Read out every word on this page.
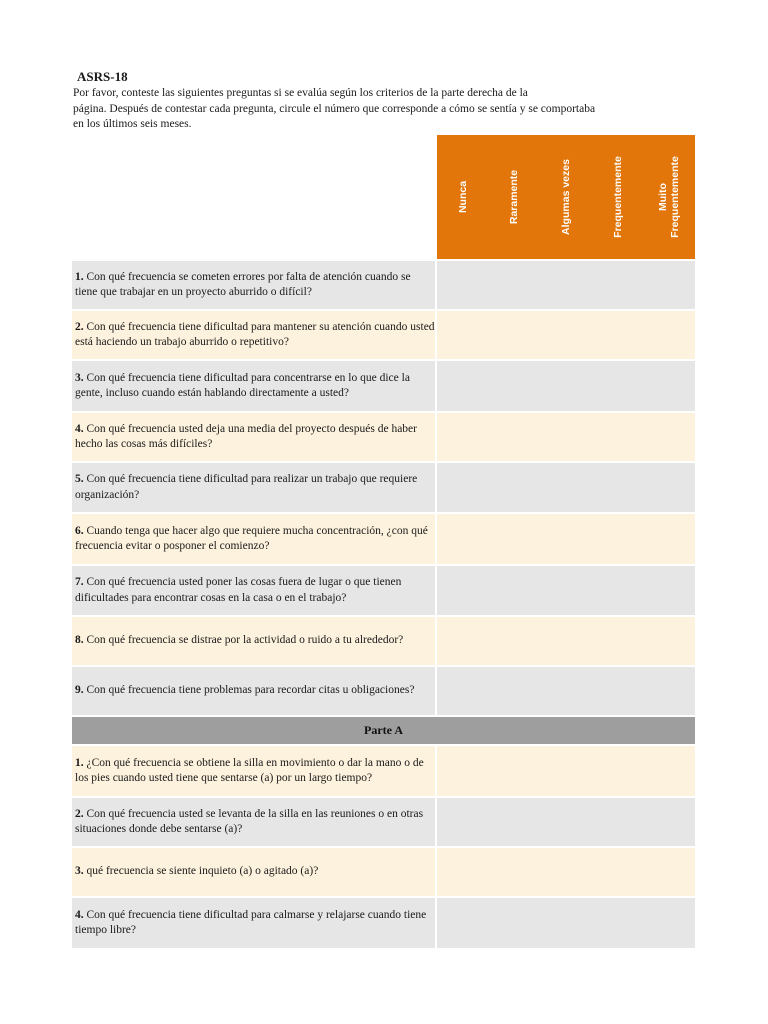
ASRS-18

Por favor, conteste las siguientes preguntas si se evalúa según los criterios de la parte derecha de la
página. Después de contestar cada pregunta, circule el número que corresponde a cómo se sentía y se comportaba
en los últimos seis meses.

Nunca	Raramente	Algumas vezes	Frequentemente	Muito
Frequentemente
1. Con qué frecuencia se cometen errores por falta de atención cuando se tiene que trabajar en un proyecto aburrido o difícil?
2. Con qué frecuencia tiene dificultad para mantener su atención cuando usted está haciendo un trabajo aburrido o repetitivo?
3. Con qué frecuencia tiene dificultad para concentrarse en lo que dice la gente, incluso cuando están hablando directamente a usted?
4. Con qué frecuencia usted deja una media del proyecto después de haber hecho las cosas más difíciles?
5. Con qué frecuencia tiene dificultad para realizar un trabajo que requiere organización?
6. Cuando tenga que hacer algo que requiere mucha concentración, ¿con qué frecuencia evitar o posponer el comienzo?
7. Con qué frecuencia usted poner las cosas fuera de lugar o que tienen dificultades para encontrar cosas en la casa o en el trabajo?
8. Con qué frecuencia se distrae por la actividad o ruido a tu alrededor?
9. Con qué frecuencia tiene problemas para recordar citas u obligaciones?
Parte A
1. ¿Con qué frecuencia se obtiene la silla en movimiento o dar la mano o de los pies cuando usted tiene que sentarse (a) por un largo tiempo?
2. Con qué frecuencia usted se levanta de la silla en las reuniones o en otras situaciones donde debe sentarse (a)?
3. qué frecuencia se siente inquieto (a) o agitado (a)?
4. Con qué frecuencia tiene dificultad para calmarse y relajarse cuando tiene tiempo libre?
